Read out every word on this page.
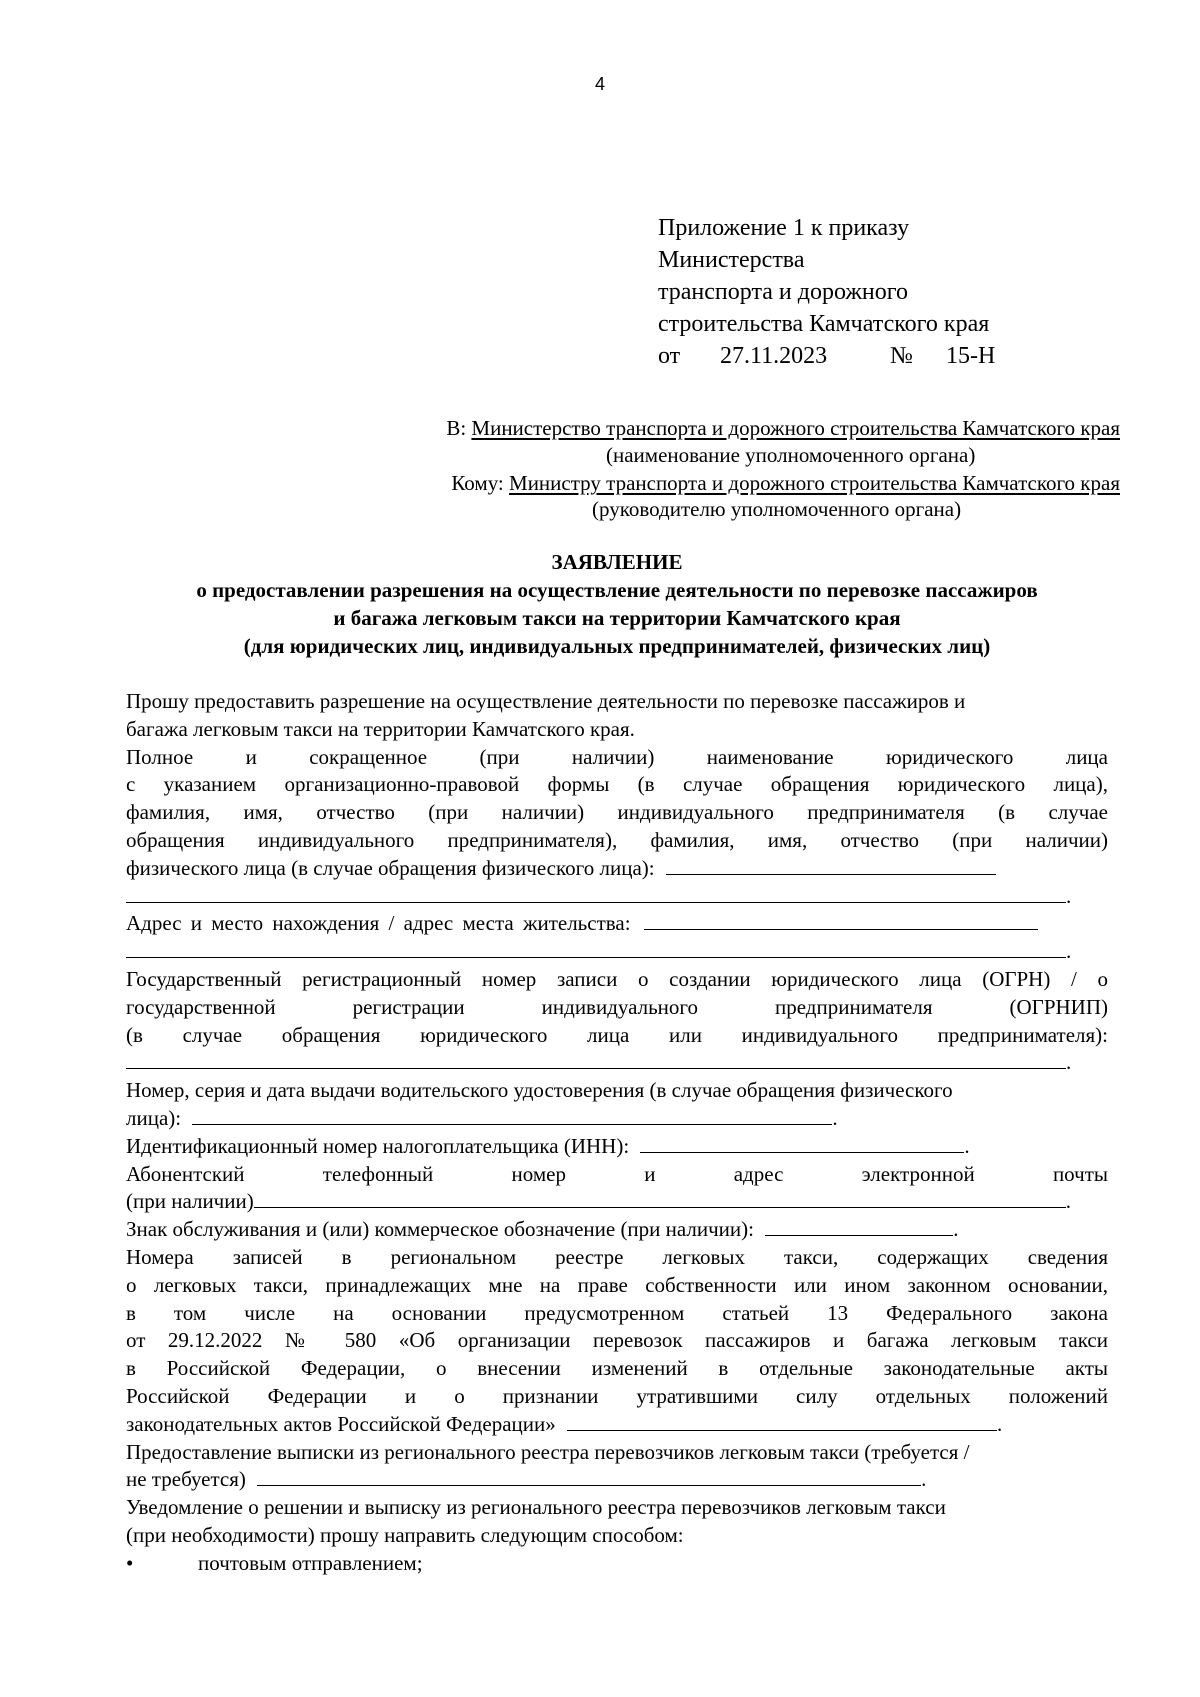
4
Приложение 1 к приказу
Министерства
транспорта и дорожного
строительства Камчатского края
от 27.11.2023	№ 15-Н
В: Министерство транспорта и дорожного строительства Камчатского края
(наименование уполномоченного органа)
Кому: Министру транспорта и дорожного строительства Камчатского края
(руководителю уполномоченного органа)
ЗАЯВЛЕНИЕ
о предоставлении разрешения на осуществление деятельности по перевозке пассажиров
и багажа легковым такси на территории Камчатского края
(для юридических лиц, индивидуальных предпринимателей, физических лиц)
Прошу предоставить разрешение на осуществление деятельности по перевозке пассажиров и
багажа легковым такси на территории Камчатского края.
Полное и сокращенное (при наличии) наименование юридического лица
с указанием организационно-правовой формы (в случае обращения юридического лица),
фамилия, имя, отчество (при наличии) индивидуального предпринимателя (в случае
обращения индивидуального предпринимателя), фамилия, имя, отчество (при наличии)
физического лица (в случае обращения физического лица):
.
Адрес и место нахождения / адрес места жительства:
.
Государственный регистрационный номер записи о создании юридического лица (ОГРН) / о
государственной регистрации индивидуального предпринимателя (ОГРНИП)
(в случае обращения юридического лица или индивидуального предпринимателя):
.
Номер, серия и дата выдачи водительского удостоверения (в случае обращения физического
лица):	.
Идентификационный номер налогоплательщика (ИНН):	.
Абонентский телефонный номер и адрес электронной почты
(при наличии)	.
Знак обслуживания и (или) коммерческое обозначение (при наличии):	.
Номера записей в региональном реестре легковых такси, содержащих сведения
о легковых такси, принадлежащих мне на праве собственности или ином законном основании,
в том числе на основании предусмотренном статьей 13 Федерального закона
от 29.12.2022 № 580 «Об организации перевозок пассажиров и багажа легковым такси
в Российской Федерации, о внесении изменений в отдельные законодательные акты
Российской Федерации и о признании утратившими силу отдельных положений
законодательных актов Российской Федерации»	.
Предоставление выписки из регионального реестра перевозчиков легковым такси (требуется /
не требуется)	.
Уведомление о решении и выписку из регионального реестра перевозчиков легковым такси
(при необходимости) прошу направить следующим способом:
•	почтовым отправлением;
